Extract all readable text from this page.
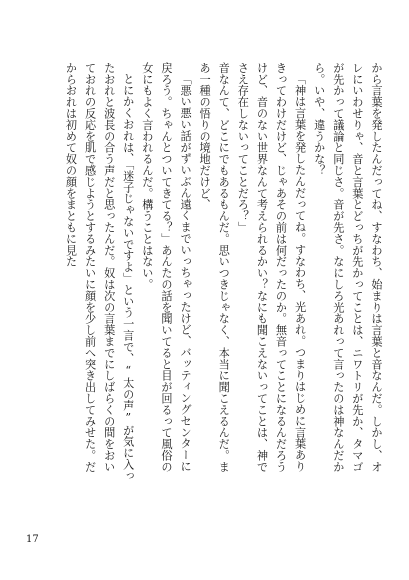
から言葉を発したんだってね、すなわち、始まりは言葉と音なんだ。しかし、オレにいわせりゃ、音と言葉とどっちが先かってことは、ニワトリが先か、タマゴが先かって議論と同じさ。音が先さ。なにしろ光あれって言ったのは神なんだから。いや、違うかな？

「神は言葉を発したんだってね。すなわち、光あれ。つまりはじめに言葉ありきってわけだけど、じゃあその前は何だったのか。無音ってことになるんだろうけど、音のない世界なんて考えられるかい？なにも聞こえないってことは、神でさえ存在しないってことだろ？」

音なんて、どこにでもあるもんだ。思いつきじゃなく、本当に聞こえるんだ。まあ一種の悟りの境地だけど、

「悪い悪い話がずいぶん遠くまでいっちゃったけど、バッティングセンターに戻ろう。ちゃんとついてきてる？」あんたの話を聞いてると目が回るって風俗の女にもよく言われるんだ。構うことはない。

とにかくおれは、「迷子じゃないですよ」という一言で、“太の声”が気に入ったおれと波長の合う声だと思ったんだ。奴は次の言葉までにしばらくの間をおいておれの反応を肌で感じようとするみたいに顔を少し前へ突き出してみせた。だからおれは初めて奴の顔をまともに見た

17
